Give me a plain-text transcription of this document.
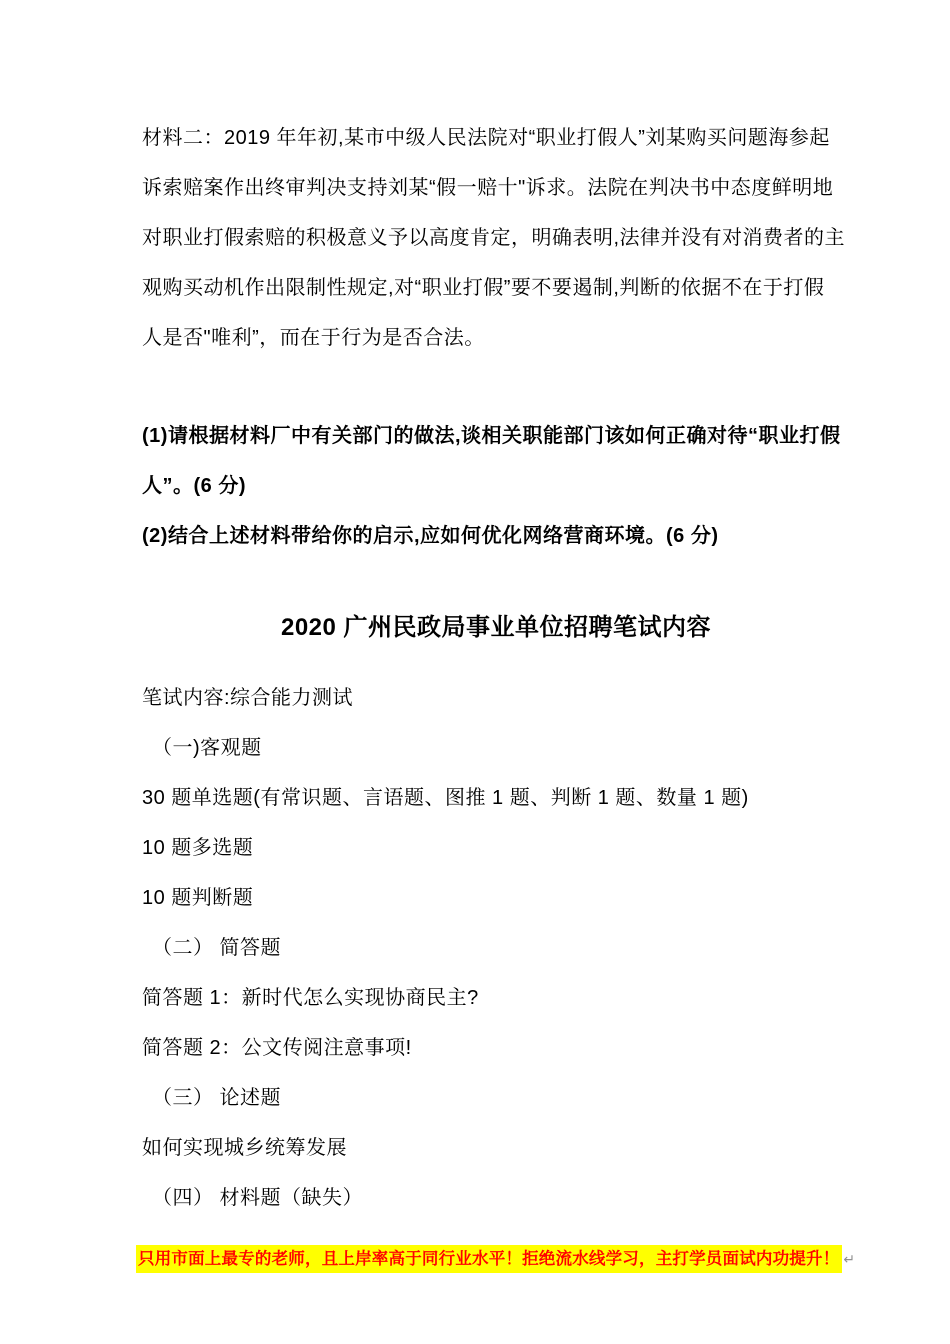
材料二：2019 年年初,某市中级人民法院对“职业打假人”刘某购买问题海参起

诉索赔案作出终审判决支持刘某“假一赔十"诉求。法院在判决书中态度鲜明地

对职业打假索赔的积极意义予以高度肯定，明确表明,法律并没有对消费者的主

观购买动机作出限制性规定,对“职业打假”要不要遏制,判断的依据不在于打假

人是否"唯利”，而在于行为是否合法。

(1)请根据材料厂中有关部门的做法,谈相关职能部门该如何正确对待“职业打假

人”。(6 分)

(2)结合上述材料带给你的启示,应如何优化网络营商环境。(6 分)

2020 广州民政局事业单位招聘笔试内容

笔试内容:综合能力测试

（一)客观题

30 题单选题(有常识题、言语题、图推 1 题、判断 1 题、数量 1 题)

10 题多选题

10 题判断题

（二） 简答题

简答题 1：新时代怎么实现协商民主?

简答题 2：公文传阅注意事项!

（三） 论述题

如何实现城乡统筹发展

（四） 材料题（缺失）

只用市面上最专的老师，且上岸率高于同行业水平！拒绝流水线学习，主打学员面试内功提升！ ↵
